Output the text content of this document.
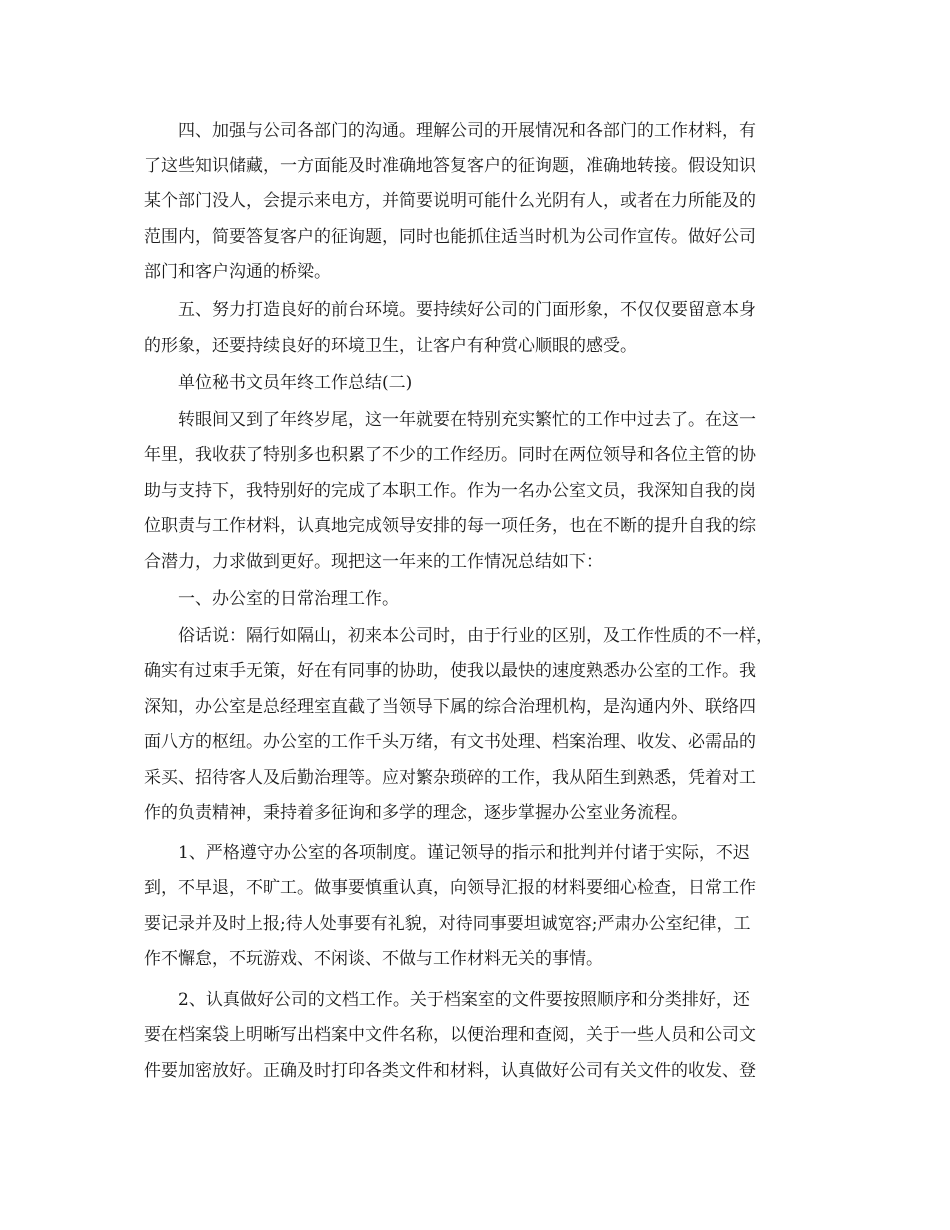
四、加强与公司各部门的沟通。理解公司的开展情况和各部门的工作材料，有
了这些知识储藏，一方面能及时准确地答复客户的征询题，准确地转接。假设知识
某个部门没人，会提示来电方，并简要说明可能什么光阴有人，或者在力所能及的
范围内，简要答复客户的征询题，同时也能抓住适当时机为公司作宣传。做好公司
部门和客户沟通的桥梁。
五、努力打造良好的前台环境。要持续好公司的门面形象，不仅仅要留意本身
的形象，还要持续良好的环境卫生，让客户有种赏心顺眼的感受。
单位秘书文员年终工作总结(二)
转眼间又到了年终岁尾，这一年就要在特别充实繁忙的工作中过去了。在这一
年里，我收获了特别多也积累了不少的工作经历。同时在两位领导和各位主管的协
助与支持下，我特别好的完成了本职工作。作为一名办公室文员，我深知自我的岗
位职责与工作材料，认真地完成领导安排的每一项任务，也在不断的提升自我的综
合潜力，力求做到更好。现把这一年来的工作情况总结如下：
一、办公室的日常治理工作。
俗话说：隔行如隔山，初来本公司时，由于行业的区别，及工作性质的不一样，
确实有过束手无策，好在有同事的协助，使我以最快的速度熟悉办公室的工作。我
深知，办公室是总经理室直截了当领导下属的综合治理机构，是沟通内外、联络四
面八方的枢纽。办公室的工作千头万绪，有文书处理、档案治理、收发、必需品的
采买、招待客人及后勤治理等。应对繁杂琐碎的工作，我从陌生到熟悉，凭着对工
作的负责精神，秉持着多征询和多学的理念，逐步掌握办公室业务流程。
1、严格遵守办公室的各项制度。谨记领导的指示和批判并付诸于实际，不迟
到，不早退，不旷工。做事要慎重认真，向领导汇报的材料要细心检查，日常工作
要记录并及时上报;待人处事要有礼貌，对待同事要坦诚宽容;严肃办公室纪律，工
作不懈怠，不玩游戏、不闲谈、不做与工作材料无关的事情。
2、认真做好公司的文档工作。关于档案室的文件要按照顺序和分类排好，还
要在档案袋上明晰写出档案中文件名称，以便治理和查阅，关于一些人员和公司文
件要加密放好。正确及时打印各类文件和材料，认真做好公司有关文件的收发、登
